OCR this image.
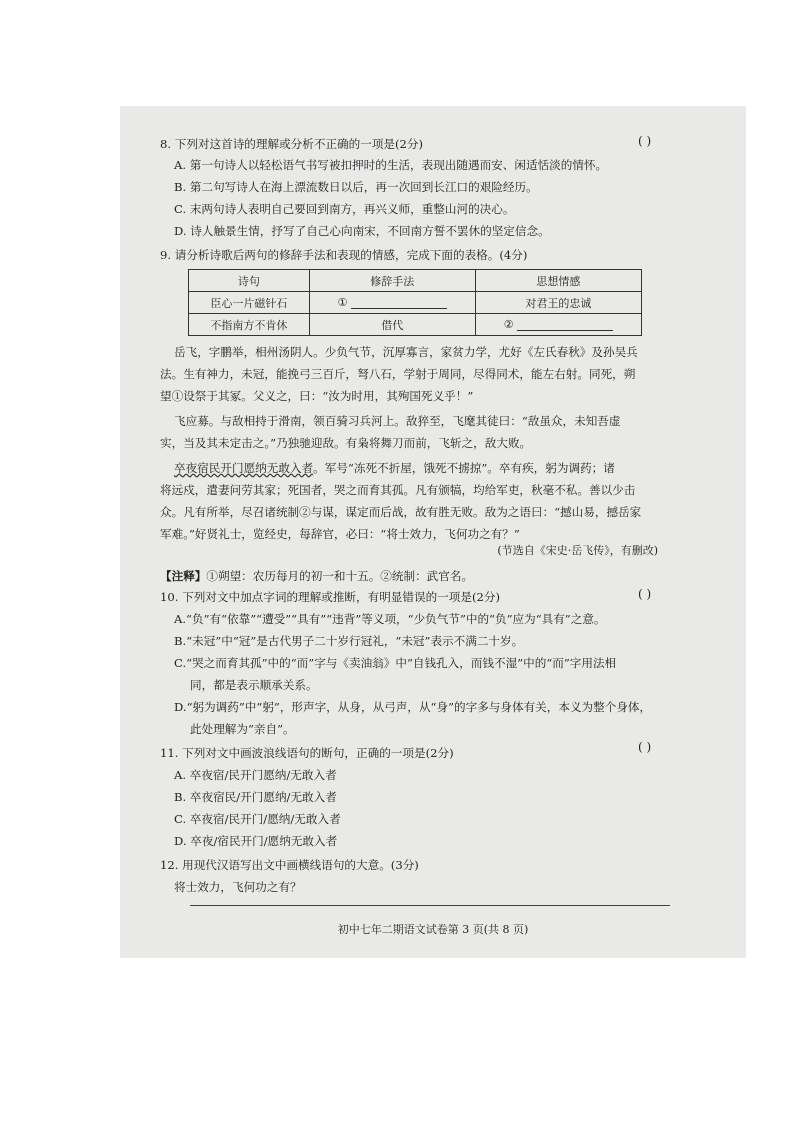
8. 下列对这首诗的理解或分析不正确的一项是(2分)	( )
A. 第一句诗人以轻松语气书写被扣押时的生活，表现出随遇而安、闲适恬淡的情怀。
B. 第二句写诗人在海上漂流数日以后，再一次回到长江口的艰险经历。
C. 末两句诗人表明自己要回到南方，再兴义师，重整山河的决心。
D. 诗人触景生情，抒写了自己心向南宋，不回南方誓不罢休的坚定信念。
9. 请分析诗歌后两句的修辞手法和表现的情感，完成下面的表格。(4分)
诗句	修辞手法	思想情感
臣心一片磁针石	①	对君王的忠诚
不指南方不肯休	借代	②
岳飞，字鹏举，相州汤阴人。少负气节，沉厚寡言，家贫力学，尤好《左氏春秋》及孙吴兵
法。生有神力，未冠，能挽弓三百斤，弩八石，学射于周同，尽得同术，能左右射。同死，朔
望①设祭于其冢。父义之，曰：“汝为时用，其殉国死义乎！”
飞应募。与敌相持于滑南，领百骑习兵河上。敌猝至，飞麾其徒曰：“敌虽众，未知吾虚
实，当及其未定击之。”乃独驰迎敌。有枭将舞刀而前，飞斩之，敌大败。
卒夜宿民开门愿纳无敢入者。军号“冻死不折屋，饿死不掳掠”。卒有疾，躬为调药；诸
将远戍，遣妻问劳其家；死国者，哭之而育其孤。凡有颁犒，均给军吏，秋毫不私。善以少击
众。凡有所举，尽召诸统制②与谋，谋定而后战，故有胜无败。敌为之语曰：“撼山易，撼岳家
军难。”好贤礼士，览经史，每辞官，必曰：“将士效力，飞何功之有？”
(节选自《宋史·岳飞传》，有删改)
【注释】①朔望：农历每月的初一和十五。②统制：武官名。
10. 下列对文中加点字词的理解或推断，有明显错误的一项是(2分)	( )
A.“负”有“依靠”“遭受”“具有”“违背”等义项，“少负气节”中的“负”应为“具有”之意。
B.“未冠”中“冠”是古代男子二十岁行冠礼，“未冠”表示不满二十岁。
C.“哭之而育其孤”中的“而”字与《卖油翁》中“自钱孔入，而钱不湿”中的“而”字用法相
同，都是表示顺承关系。
D.“躬为调药”中“躬”，形声字，从身，从弓声，从“身”的字多与身体有关，本义为整个身体，
此处理解为“亲自”。
11. 下列对文中画波浪线语句的断句，正确的一项是(2分)	( )
A. 卒夜宿/民开门愿纳/无敢入者
B. 卒夜宿民/开门愿纳/无敢入者
C. 卒夜宿/民开门/愿纳/无敢入者
D. 卒夜/宿民开门/愿纳无敢入者
12. 用现代汉语写出文中画横线语句的大意。(3分)
将士效力，飞何功之有？
初中七年二期语文试卷第 3 页(共 8 页)
